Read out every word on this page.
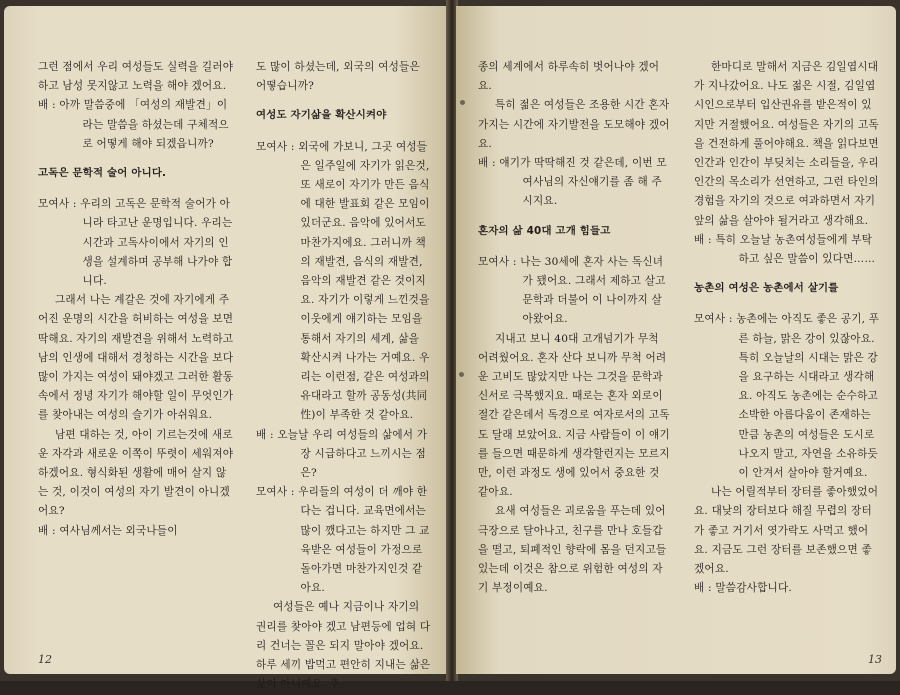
그런 점에서 우리 여성들도 실력을 길러야 하고 남성 못지않고 노력을 해야 겠어요.

배 : 아까 말씀중에 「여성의 재발견」이라는 말씀을 하셨는데 구체적으로 어떻게 해야 되겠읍니까?

고독은 문학적 술어 아니다.

모여사 : 우리의 고독은 문학적 술어가 아니라 타고난 운명입니다. 우리는 시간과 고독사이에서 자기의 인생을 설계하며 공부해 나가야 합니다.

그래서 나는 계갈은 것에 자기에게 주어진 운명의 시간을 허비하는 여성을 보면 딱해요. 자기의 재발견을 위해서 노력하고 남의 인생에 대해서 경청하는 시간을 보다 많이 가지는 여성이 돼야겠고 그러한 활동속에서 정녕 자기가 해야할 일이 무엇인가를 찾아내는 여성의 슬기가 아쉬워요.

남편 대하는 것, 아이 기르는것에 새로운 자각과 새로운 이쪽이 뚜렷이 세워져야 하겠어요. 형식화된 생활에 매어 살지 않는 것, 이것이 여성의 자기 발견이 아니겠어요?

배 : 여사님께서는 외국나들이

도 많이 하셨는데, 외국의 여성들은 어떻습니까?

여성도 자기삶을 확산시켜야

모여사 : 외국에 가보니, 그곳 여성들은 일주일에 자기가 읽은것, 또 새로이 자기가 만든 음식에 대한 발표회 같은 모임이 있더군요. 음악에 있어서도 마찬가지에요. 그러니까 책의 재발견, 음식의 재발견, 음악의 재발견 같은 것이지요. 자기가 이렇게 느낀것을 이웃에게 얘기하는 모임을 통해서 자기의 세계, 삶을 확산시켜 나가는 거예요. 우리는 이런점, 같은 여성과의 유대라고 할까 공동성(共同性)이 부족한 것 같아요.

배 : 오늘날 우리 여성들의 삶에서 가장 시급하다고 느끼시는 점은?

모여사 : 우리들의 여성이 더 깨야 한다는 겁니다. 교육면에서는 많이 깼다고는 하지만 그 교육받은 여성들이 가정으로 돌아가면 마찬가지인것 같아요.

여성들은 예나 지금이나 자기의 권리를 찾아야 겠고 남편등에 업혀 다리 건너는 꼴은 되지 말아야 겠어요. 하루 세끼 밥먹고 편안히 지내는 삶은 삶이 아니예요. 추

12

종의 세계에서 하루속히 벗어나야 겠어요.

특히 젊은 여성들은 조용한 시간 혼자 가지는 시간에 자기발전을 도모해야 겠어요.

배 : 얘기가 딱딱해진 것 같은데, 이번 모여사님의 자신얘기를 좀 해 주시지요.

혼자의 삶 40대 고개 힘들고

모여사 : 나는 30세에 혼자 사는 독신녀가 됐어요. 그래서 제하고 살고 문학과 더불어 이 나이까지 살아왔어요.

지내고 보니 40대 고개넘기가 무척 어려웠어요. 혼자 산다 보니까 무척 어려운 고비도 많았지만 나는 그것을 문학과 신서로 극복했지요. 때로는 혼자 외로이 절간 같은데서 독경으로 여자로서의 고독도 달래 보았어요. 지금 사람들이 이 얘기를 들으면 때문하게 생각할런지는 모르지만, 이런 과정도 생에 있어서 중요한 것 같아요.

요새 여성들은 괴로움을 푸는데 있어 극장으로 달아나고, 친구를 만나 호들갑을 떨고, 퇴폐적인 향락에 몸을 던지고들 있는데 이것은 참으로 위험한 여성의 자기 부정이예요.

한마디로 말해서 지금은 김일엽시대가 지나갔어요. 나도 젊은 시절, 김일엽 시인으로부터 입산권유를 받은적이 있지만 거절했어요. 여성들은 자기의 고독을 건전하게 풀어야해요. 책을 읽다보면 인간과 인간이 부딪치는 소리들을, 우리 인간의 목소리가 선연하고, 그런 타인의 경험을 자기의 것으로 여과하면서 자기 앞의 삶을 살아야 될거라고 생각해요.

배 : 특히 오늘날 농촌여성들에게 부탁하고 싶은 말씀이 있다면……

농촌의 여성은 농촌에서 살기를

모여사 : 농촌에는 아직도 좋은 공기, 푸른 하늘, 맑은 강이 있잖아요. 특히 오늘날의 시대는 맑은 강을 요구하는 시대라고 생각해요. 아직도 농촌에는 순수하고 소박한 아름다움이 존재하는 만큼 농촌의 여성들은 도시로 나오지 말고, 자연을 소유하듯이 안겨서 살아야 할거예요.

나는 어릴적부터 장터를 좋아했었어요. 대낮의 장터보다 해질 무렵의 장터가 좋고 거기서 엿가락도 사먹고 했어요. 지금도 그런 장터를 보존했으면 좋겠어요.

배 : 말씀감사합니다.

13
